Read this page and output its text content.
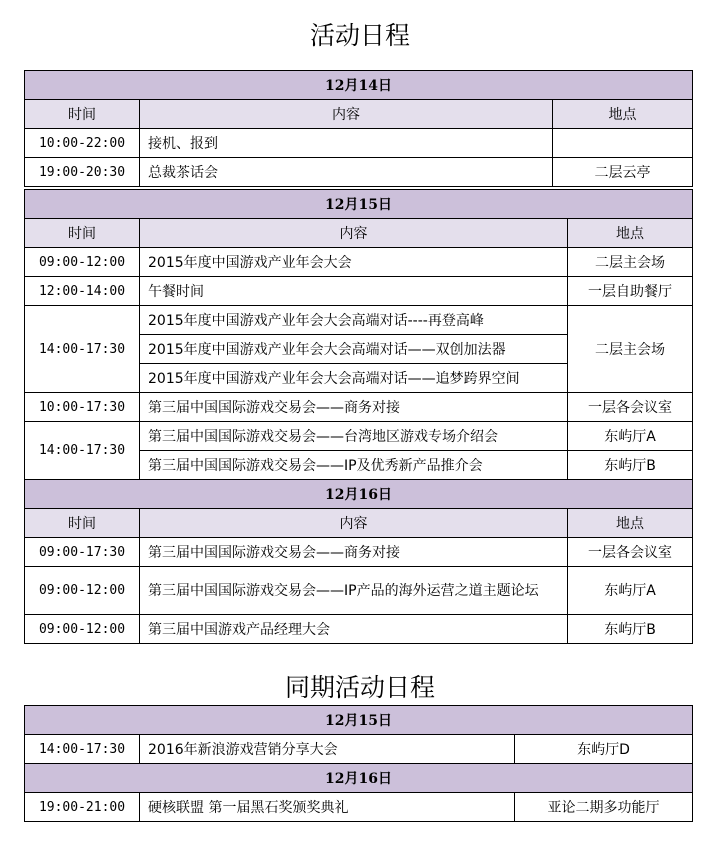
活动日程
12月14日		
时间	内容	地点
10:00-22:00	接机、报到	
19:00-20:30	总裁茶话会	二层云亭
12月15日		
时间	内容	地点
09:00-12:00	2015年度中国游戏产业年会大会	二层主会场
12:00-14:00	午餐时间	一层自助餐厅
14:00-17:30	2015年度中国游戏产业年会大会高端对话----再登高峰	二层主会场
	2015年度中国游戏产业年会大会高端对话——双创加法器	
	2015年度中国游戏产业年会大会高端对话——追梦跨界空间	
10:00-17:30	第三届中国国际游戏交易会——商务对接	一层各会议室
14:00-17:30	第三届中国国际游戏交易会——台湾地区游戏专场介绍会	东屿厅A
	第三届中国国际游戏交易会——IP及优秀新产品推介会	东屿厅B
12月16日		
时间	内容	地点
09:00-17:30	第三届中国国际游戏交易会——商务对接	一层各会议室
09:00-12:00	第三届中国国际游戏交易会——IP产品的海外运营之道主题论坛	东屿厅A
09:00-12:00	第三届中国游戏产品经理大会	东屿厅B
同期活动日程
12月15日		
14:00-17:30	2016年新浪游戏营销分享大会	东屿厅D
12月16日		
19:00-21:00	硬核联盟 第一届黑石奖颁奖典礼	亚论二期多功能厅
